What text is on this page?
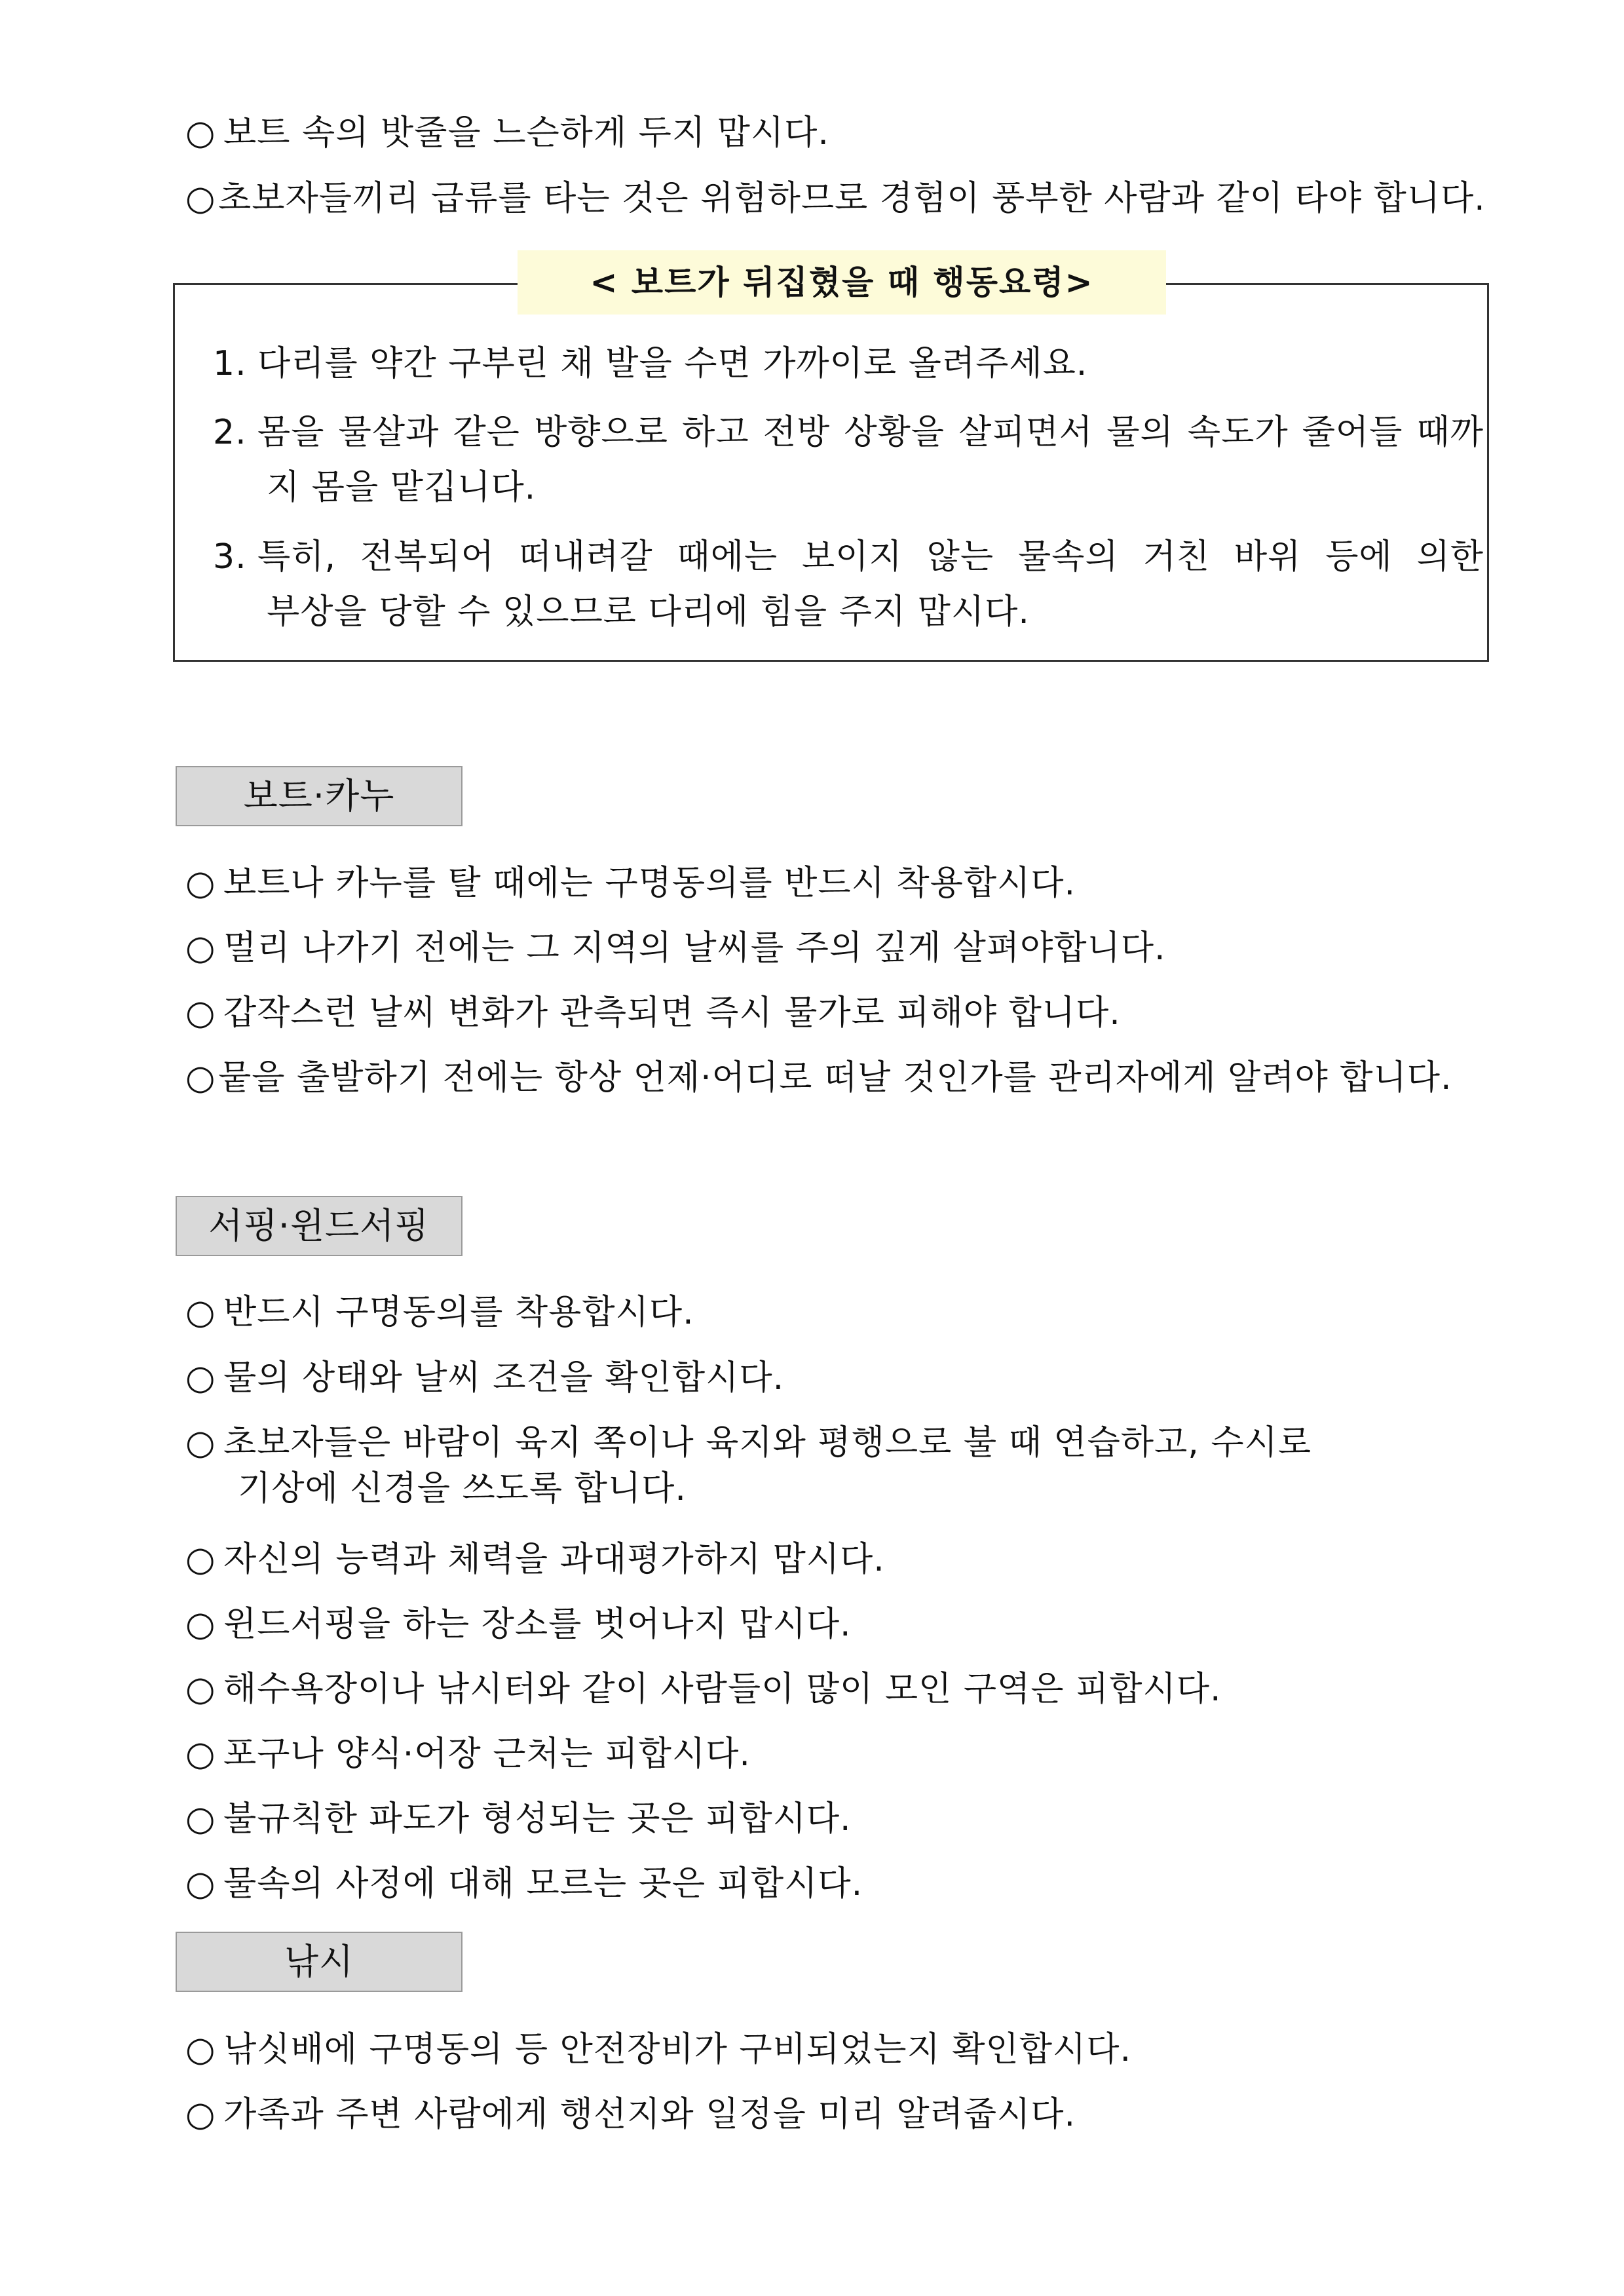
○ 보트 속의 밧줄을 느슨하게 두지 맙시다.
○초보자들끼리 급류를 타는 것은 위험하므로 경험이 풍부한 사람과 같이 타야 합니다.
< 보트가 뒤집혔을 때 행동요령>
1. 다리를 약간 구부린 채 발을 수면 가까이로 올려주세요.
2. 몸을 물살과 같은 방향으로 하고 전방 상황을 살피면서 물의 속도가 줄어들 때까
지 몸을 맡깁니다.
3. 특히, 전복되어 떠내려갈 때에는 보이지 않는 물속의 거친 바위 등에 의한
부상을 당할 수 있으므로 다리에 힘을 주지 맙시다.
보트·카누
○ 보트나 카누를 탈 때에는 구명동의를 반드시 착용합시다.
○ 멀리 나가기 전에는 그 지역의 날씨를 주의 깊게 살펴야합니다.
○ 갑작스런 날씨 변화가 관측되면 즉시 물가로 피해야 합니다.
○뭍을 출발하기 전에는 항상 언제·어디로 떠날 것인가를 관리자에게 알려야 합니다.
서핑·윈드서핑
○ 반드시 구명동의를 착용합시다.
○ 물의 상태와 날씨 조건을 확인합시다.
○ 초보자들은 바람이 육지 쪽이나 육지와 평행으로 불 때 연습하고, 수시로
기상에 신경을 쓰도록 합니다.
○ 자신의 능력과 체력을 과대평가하지 맙시다.
○ 윈드서핑을 하는 장소를 벗어나지 맙시다.
○ 해수욕장이나 낚시터와 같이 사람들이 많이 모인 구역은 피합시다.
○ 포구나 양식·어장 근처는 피합시다.
○ 불규칙한 파도가 형성되는 곳은 피합시다.
○ 물속의 사정에 대해 모르는 곳은 피합시다.
낚시
○ 낚싯배에 구명동의 등 안전장비가 구비되었는지 확인합시다.
○ 가족과 주변 사람에게 행선지와 일정을 미리 알려줍시다.
